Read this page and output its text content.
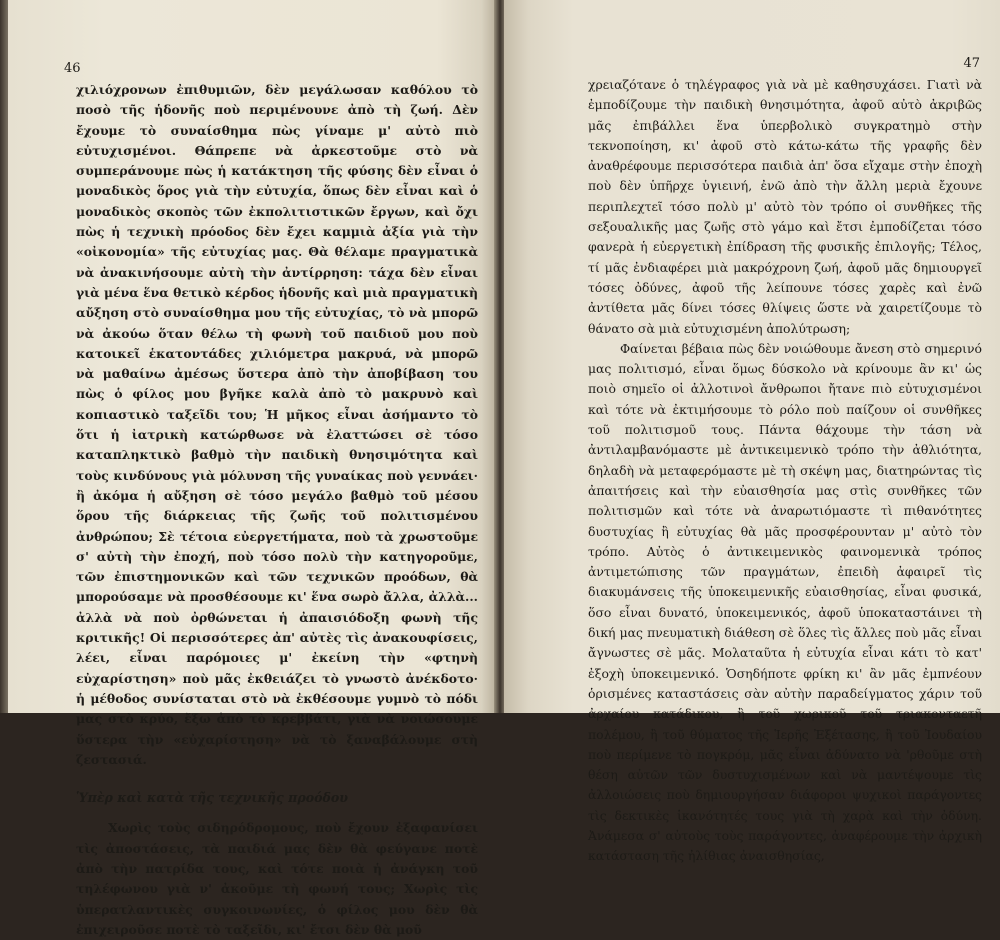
46

χιλιόχρονων ἐπιθυμιῶν, δὲν μεγάλωσαν καθόλου τὸ ποσὸ τῆς ἡδονῆς ποὺ περιμένουνε ἀπὸ τὴ ζωή. Δὲν ἔχουμε τὸ συναίσθημα πὼς γίναμε μ' αὐτὸ πιὸ εὐτυχισμένοι. Θάπρεπε νὰ ἀρκεστοῦμε στὸ νὰ συμπεράνουμε πὼς ἡ κατάκτηση τῆς φύσης δὲν εἶναι ὁ μοναδικὸς ὅρος γιὰ τὴν εὐτυχία, ὅπως δὲν εἶναι καὶ ὁ μοναδικὸς σκοπὸς τῶν ἐκπολιτιστικῶν ἔργων, καὶ ὄχι πὼς ἡ τεχνικὴ πρόοδος δὲν ἔχει καμμιὰ ἀξία γιὰ τὴν «οἰκονομία» τῆς εὐτυχίας μας. Θὰ θέλαμε πραγματικὰ νὰ ἀνακινήσουμε αὐτὴ τὴν ἀντίρρηση: τάχα δὲν εἶναι γιὰ μένα ἕνα θετικὸ κέρδος ἡδονῆς καὶ μιὰ πραγματικὴ αὔξηση στὸ συναίσθημα μου τῆς εὐτυχίας, τὸ νὰ μπορῶ νὰ ἀκούω ὅταν θέλω τὴ φωνὴ τοῦ παιδιοῦ μου ποὺ κατοικεῖ ἑκατοντάδες χιλιόμετρα μακρυά, νὰ μπορῶ νὰ μαθαίνω ἀμέσως ὕστερα ἀπὸ τὴν ἀποβίβαση του πὼς ὁ φίλος μου βγῆκε καλὰ ἀπὸ τὸ μακρυνὸ καὶ κοπιαστικὸ ταξεῖδι του; Ἡ μῆκος εἶναι ἀσήμαντο τὸ ὅτι ἡ ἰατρικὴ κατώρθωσε νὰ ἐλαττώσει σὲ τόσο καταπληκτικὸ βαθμὸ τὴν παιδικὴ θνησιμότητα καὶ τοὺς κινδύνους γιὰ μόλυνση τῆς γυναίκας ποὺ γεννάει· ἢ ἀκόμα ἡ αὔξηση σὲ τόσο μεγάλο βαθμὸ τοῦ μέσου ὅρου τῆς διάρκειας τῆς ζωῆς τοῦ πολιτισμένου ἀνθρώπου; Σὲ τέτοια εὐεργετήματα, ποὺ τὰ χρωστοῦμε σ' αὐτὴ τὴν ἐποχή, ποὺ τόσο πολὺ τὴν κατηγοροῦμε, τῶν ἐπιστημονικῶν καὶ τῶν τεχνικῶν προόδων, θὰ μπορούσαμε νὰ προσθέσουμε κι' ἕνα σωρὸ ἄλλα, ἀλλὰ... ἀλλὰ νὰ ποὺ ὀρθώνεται ἡ ἀπαισιόδοξη φωνὴ τῆς κριτικῆς! Οἱ περισσότερες ἀπ' αὐτὲς τὶς ἀνακουφίσεις, λέει, εἶναι παρόμοιες μ' ἐκείνη τὴν «φτηνὴ εὐχαρίστηση» ποὺ μᾶς ἐκθειάζει τὸ γνωστὸ ἀνέκδοτο· ἡ μέθοδος συνίσταται στὸ νὰ ἐκθέσουμε γυμνὸ τὸ πόδι μας στὸ κρύο, ἔξω ἀπὸ τὸ κρεββάτι, γιὰ νὰ νοιώσουμε ὕστερα τὴν «εὐχαρίστηση» νὰ τὸ ξαναβάλουμε στὴ ζεστασιά.

Ὑπὲρ καὶ κατὰ τῆς τεχνικῆς προόδου

Χωρὶς τοὺς σιδηρόδρομους, ποὺ ἔχουν ἐξαφανίσει τὶς ἀποστάσεις, τὰ παιδιά μας δὲν θὰ φεύγανε ποτὲ ἀπὸ τὴν πατρίδα τους, καὶ τότε ποιὰ ἡ ἀνάγκη τοῦ τηλέφωνου γιὰ ν' ἀκοῦμε τὴ φωνή τους; Χωρὶς τὶς ὑπερατλαντικὲς συγκοινωνίες, ὁ φίλος μου δὲν θὰ ἐπιχειροῦσε ποτὲ τὸ ταξεῖδι, κι' ἔτσι δὲν θὰ μοῦ

47

χρειαζότανε ὁ τηλέγραφος γιὰ νὰ μὲ καθησυχάσει. Γιατὶ νὰ ἐμποδίζουμε τὴν παιδικὴ θνησιμότητα, ἀφοῦ αὐτὸ ἀκριβῶς μᾶς ἐπιβάλλει ἕνα ὑπερβολικὸ συγκρατημὸ στὴν τεκνοποίηση, κι' ἀφοῦ στὸ κάτω-κάτω τῆς γραφῆς δὲν ἀναθρέφουμε περισσότερα παιδιὰ ἀπ' ὅσα εἴχαμε στὴν ἐποχὴ ποὺ δὲν ὑπῆρχε ὑγιεινή, ἐνῶ ἀπὸ τὴν ἄλλη μεριὰ ἔχουνε περιπλεχτεῖ τόσο πολὺ μ' αὐτὸ τὸν τρόπο οἱ συνθῆκες τῆς σεξουαλικῆς μας ζωῆς στὸ γάμο καὶ ἔτσι ἐμποδίζεται τόσο φανερὰ ἡ εὐεργετικὴ ἐπίδραση τῆς φυσικῆς ἐπιλογῆς; Τέλος, τί μᾶς ἐνδιαφέρει μιὰ μακρόχρονη ζωή, ἀφοῦ μᾶς δημιουργεῖ τόσες ὀδύνες, ἀφοῦ τῆς λείπουνε τόσες χαρὲς καὶ ἐνῶ ἀντίθετα μᾶς δίνει τόσες θλίψεις ὥστε νὰ χαιρετίζουμε τὸ θάνατο σὰ μιὰ εὐτυχισμένη ἀπολύτρωση;

Φαίνεται βέβαια πὼς δὲν νοιώθουμε ἄνεση στὸ σημερινό μας πολιτισμό, εἶναι ὅμως δύσκολο νὰ κρίνουμε ἂν κι' ὡς ποιὸ σημεῖο οἱ ἀλλοτινοὶ ἄνθρωποι ἤτανε πιὸ εὐτυχισμένοι καὶ τότε νὰ ἐκτιμήσουμε τὸ ρόλο ποὺ παίζουν οἱ συνθῆκες τοῦ πολιτισμοῦ τους. Πάντα θάχουμε τὴν τάση νὰ ἀντιλαμβανόμαστε μὲ ἀντικειμενικὸ τρόπο τὴν ἀθλιότητα, δηλαδὴ νὰ μεταφερόμαστε μὲ τὴ σκέψη μας, διατηρώντας τὶς ἀπαιτήσεις καὶ τὴν εὐαισθησία μας στὶς συνθῆκες τῶν πολιτισμῶν καὶ τότε νὰ ἀναρωτιόμαστε τὶ πιθανότητες δυστυχίας ἢ εὐτυχίας θὰ μᾶς προσφέρουνταν μ' αὐτὸ τὸν τρόπο. Αὐτὸς ὁ ἀντικειμενικὸς φαινομενικὰ τρόπος ἀντιμετώπισης τῶν πραγμάτων, ἐπειδὴ ἀφαιρεῖ τὶς διακυμάνσεις τῆς ὑποκειμενικῆς εὐαισθησίας, εἶναι φυσικά, ὅσο εἶναι δυνατό, ὑποκειμενικός, ἀφοῦ ὑποκαταστάινει τὴ δική μας πνευματικὴ διάθεση σὲ ὅλες τὶς ἄλλες ποὺ μᾶς εἶναι ἄγνωστες σὲ μᾶς. Μολαταῦτα ἡ εὐτυχία εἶναι κάτι τὸ κατ' ἐξοχὴ ὑποκειμενικό. Ὁσηδήποτε φρίκη κι' ἂν μᾶς ἐμπνέουν ὁρισμένες καταστάσεις σὰν αὐτὴν παραδείγματος χάριν τοῦ ἀρχαίου κατάδικου, ἢ τοῦ χωρικοῦ τοῦ τριακονταετῆ πολέμου, ἢ τοῦ θύματος τῆς Ἱερῆς Ἐξέτασης, ἢ τοῦ Ἰουδαίου ποὺ περίμενε τὸ πογκρόμ, μᾶς εἶναι ἀδύνατο νὰ 'ρθοῦμε στὴ θέση αὐτῶν τῶν δυστυχισμένων καὶ νὰ μαντέψουμε τὶς ἀλλοιώσεις ποὺ δημιουργήσαν διάφοροι ψυχικοὶ παράγοντες τὶς δεκτικὲς ἱκανότητές τους γιὰ τὴ χαρὰ καὶ τὴν ὀδύνη. Ἀνάμεσα σ' αὐτοὺς τοὺς παράγοντες, ἀναφέρουμε τὴν ἀρχικὴ κατάσταση τῆς ἠλίθιας ἀναισθησίας,
